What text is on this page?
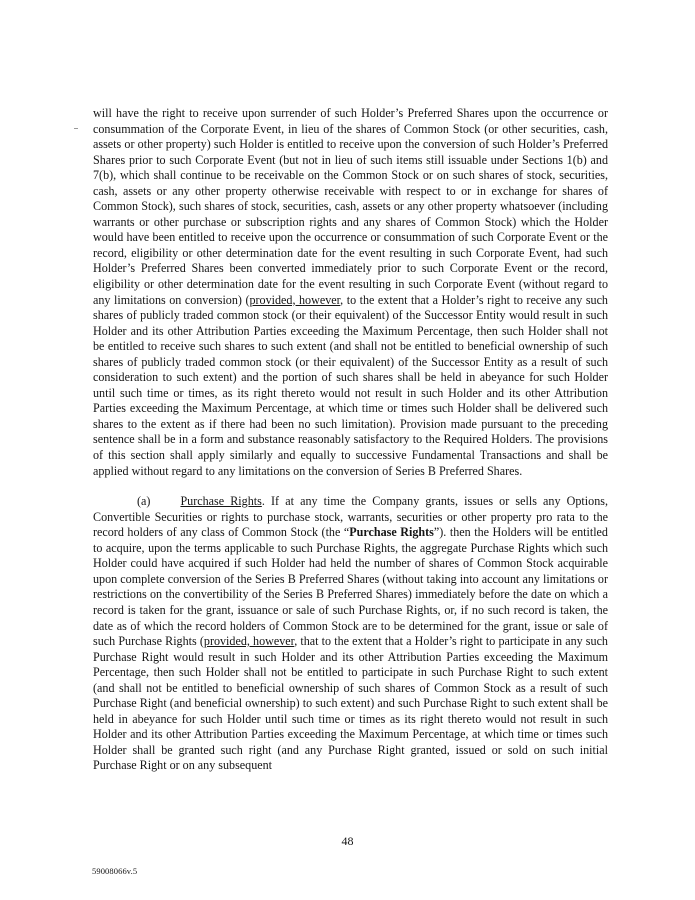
will have the right to receive upon surrender of such Holder’s Preferred Shares upon the occurrence or consummation of the Corporate Event, in lieu of the shares of Common Stock (or other securities, cash, assets or other property) such Holder is entitled to receive upon the conversion of such Holder’s Preferred Shares prior to such Corporate Event (but not in lieu of such items still issuable under Sections 1(b) and 7(b), which shall continue to be receivable on the Common Stock or on such shares of stock, securities, cash, assets or any other property otherwise receivable with respect to or in exchange for shares of Common Stock), such shares of stock, securities, cash, assets or any other property whatsoever (including warrants or other purchase or subscription rights and any shares of Common Stock) which the Holder would have been entitled to receive upon the occurrence or consummation of such Corporate Event or the record, eligibility or other determination date for the event resulting in such Corporate Event, had such Holder’s Preferred Shares been converted immediately prior to such Corporate Event or the record, eligibility or other determination date for the event resulting in such Corporate Event (without regard to any limitations on conversion) (provided, however, to the extent that a Holder’s right to receive any such shares of publicly traded common stock (or their equivalent) of the Successor Entity would result in such Holder and its other Attribution Parties exceeding the Maximum Percentage, then such Holder shall not be entitled to receive such shares to such extent (and shall not be entitled to beneficial ownership of such shares of publicly traded common stock (or their equivalent) of the Successor Entity as a result of such consideration to such extent) and the portion of such shares shall be held in abeyance for such Holder until such time or times, as its right thereto would not result in such Holder and its other Attribution Parties exceeding the Maximum Percentage, at which time or times such Holder shall be delivered such shares to the extent as if there had been no such limitation). Provision made pursuant to the preceding sentence shall be in a form and substance reasonably satisfactory to the Required Holders. The provisions of this section shall apply similarly and equally to successive Fundamental Transactions and shall be applied without regard to any limitations on the conversion of Series B Preferred Shares.

(a) Purchase Rights. If at any time the Company grants, issues or sells any Options, Convertible Securities or rights to purchase stock, warrants, securities or other property pro rata to the record holders of any class of Common Stock (the “Purchase Rights”). then the Holders will be entitled to acquire, upon the terms applicable to such Purchase Rights, the aggregate Purchase Rights which such Holder could have acquired if such Holder had held the number of shares of Common Stock acquirable upon complete conversion of the Series B Preferred Shares (without taking into account any limitations or restrictions on the convertibility of the Series B Preferred Shares) immediately before the date on which a record is taken for the grant, issuance or sale of such Purchase Rights, or, if no such record is taken, the date as of which the record holders of Common Stock are to be determined for the grant, issue or sale of such Purchase Rights (provided, however, that to the extent that a Holder’s right to participate in any such Purchase Right would result in such Holder and its other Attribution Parties exceeding the Maximum Percentage, then such Holder shall not be entitled to participate in such Purchase Right to such extent (and shall not be entitled to beneficial ownership of such shares of Common Stock as a result of such Purchase Right (and beneficial ownership) to such extent) and such Purchase Right to such extent shall be held in abeyance for such Holder until such time or times as its right thereto would not result in such Holder and its other Attribution Parties exceeding the Maximum Percentage, at which time or times such Holder shall be granted such right (and any Purchase Right granted, issued or sold on such initial Purchase Right or on any subsequent

48
59008066v.5
